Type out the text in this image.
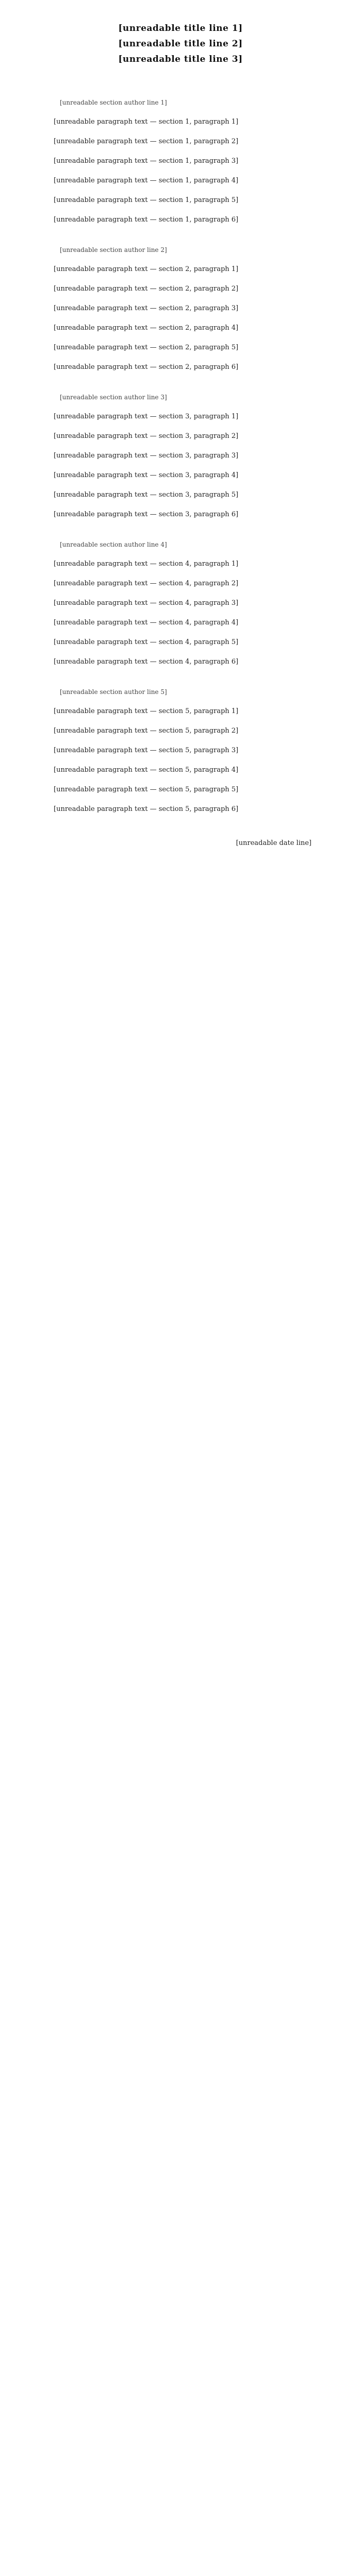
[unreadable title line 1]
[unreadable title line 2]
[unreadable title line 3]
[unreadable section author line 1]

[unreadable paragraph text — section 1, paragraph 1]

[unreadable paragraph text — section 1, paragraph 2]

[unreadable paragraph text — section 1, paragraph 3]

[unreadable paragraph text — section 1, paragraph 4]

[unreadable paragraph text — section 1, paragraph 5]

[unreadable paragraph text — section 1, paragraph 6]

[unreadable section author line 2]

[unreadable paragraph text — section 2, paragraph 1]

[unreadable paragraph text — section 2, paragraph 2]

[unreadable paragraph text — section 2, paragraph 3]

[unreadable paragraph text — section 2, paragraph 4]

[unreadable paragraph text — section 2, paragraph 5]

[unreadable paragraph text — section 2, paragraph 6]

[unreadable section author line 3]

[unreadable paragraph text — section 3, paragraph 1]

[unreadable paragraph text — section 3, paragraph 2]

[unreadable paragraph text — section 3, paragraph 3]

[unreadable paragraph text — section 3, paragraph 4]

[unreadable paragraph text — section 3, paragraph 5]

[unreadable paragraph text — section 3, paragraph 6]

[unreadable section author line 4]

[unreadable paragraph text — section 4, paragraph 1]

[unreadable paragraph text — section 4, paragraph 2]

[unreadable paragraph text — section 4, paragraph 3]

[unreadable paragraph text — section 4, paragraph 4]

[unreadable paragraph text — section 4, paragraph 5]

[unreadable paragraph text — section 4, paragraph 6]

[unreadable section author line 5]

[unreadable paragraph text — section 5, paragraph 1]

[unreadable paragraph text — section 5, paragraph 2]

[unreadable paragraph text — section 5, paragraph 3]

[unreadable paragraph text — section 5, paragraph 4]

[unreadable paragraph text — section 5, paragraph 5]

[unreadable paragraph text — section 5, paragraph 6]

[unreadable date line]
